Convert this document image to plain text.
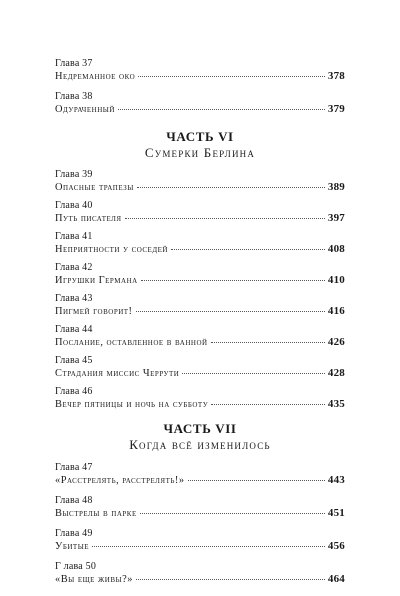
Глава 37
Недреманное око	378
Глава 38
Одураченный	379
ЧАСТЬ VI
Сумерки Берлина
Глава 39
Опасные трапезы	389
Глава 40
Путь писателя	397
Глава 41
Неприятности у соседей	408
Глава 42
Игрушки Германа	410
Глава 43
Пигмей говорит!	416
Глава 44
Послание, оставленное в ванной	426
Глава 45
Страдания миссис Черрути	428
Глава 46
Вечер пятницы и ночь на субботу	435
ЧАСТЬ VII
Когда всё изменилось
Глава 47
«Расстрелять, расстрелять!»	443
Глава 48
Выстрелы в парке	451
Глава 49
Убитые	456
Г лава 50
«Вы еще живы?»	464
